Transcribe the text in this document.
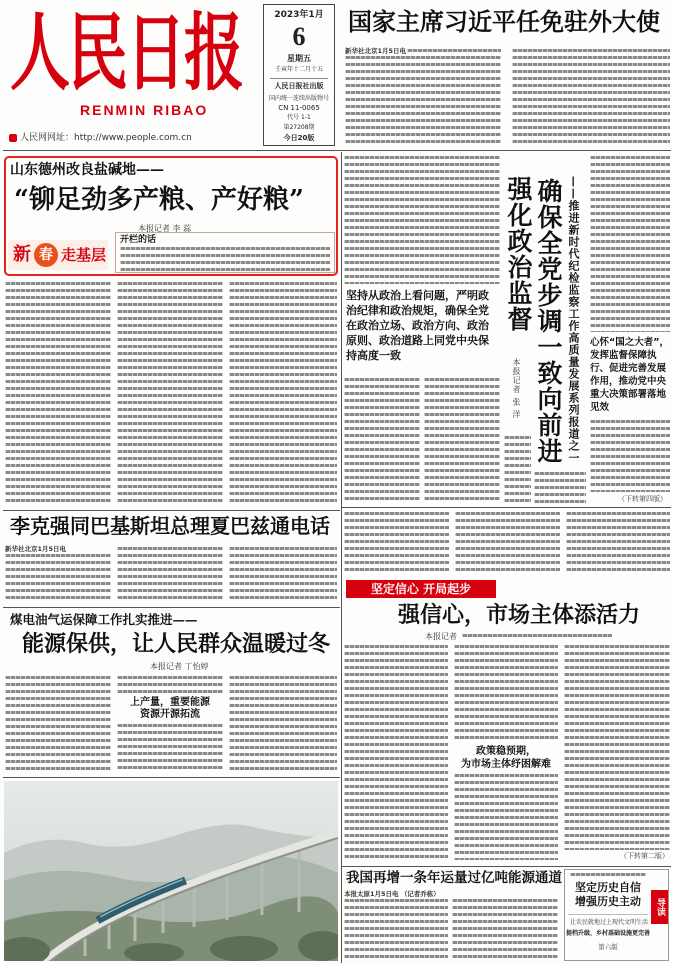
人民日报
RENMIN RIBAO
人民网网址：http://www.people.com.cn
2023年1月
6
星期五
壬寅年十二月十五
人民日报社出版
国内统一连续出版物号
CN 11-0065
代号 1-1
第27208期
今日20版
国家主席习近平任免驻外大使
新华社北京1月5日电
山东德州改良盐碱地——
“铆足劲多产粮、产好粮”
本报记者 李 蕊
新 春 走基层
开栏的话
李克强同巴基斯坦总理夏巴兹通电话
新华社北京1月5日电
煤电油气运保障工作扎实推进——
能源保供，让人民群众温暖过冬
本报记者 丁怡婷
上产量，重要能源
资源开源拓流
坚持从政治上看问题，严明政治纪律和政治规矩，确保全党在政治立场、政治方向、政治原则、政治道路上同党中央保持高度一致
强化政治监督 确保全党步调一致向前进 ——推进新时代纪检监察工作高质量发展系列报道之一
本报记者 张 洋
心怀“国之大者”，发挥监督保障执行、促进完善发展作用，推动党中央重大决策部署落地见效
（下转第四版）
坚定信心 开局起步
强信心，市场主体添活力
本报记者
政策稳预期，
为市场主体纾困解难
（下转第二版）
我国再增一条年运量过亿吨能源通道
本报太原1月5日电 （记者乔栋）	坚定历史自信
增强历史主动
让农民就地过上现代文明生活
提档升级，乡村基础设施更完善
第六版
导读
